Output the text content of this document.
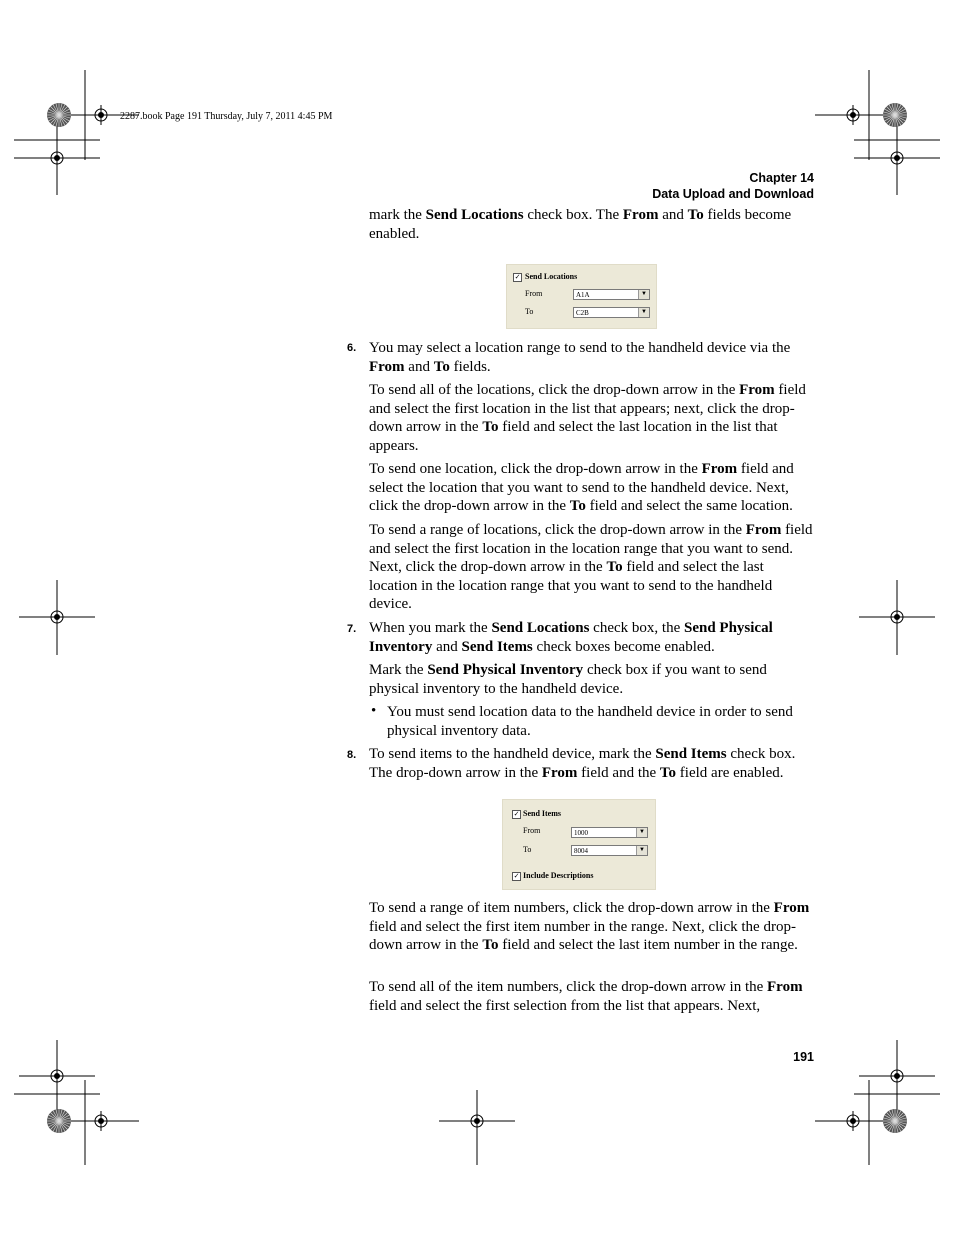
2287.book Page 191 Thursday, July 7, 2011 4:45 PM
Chapter 14
Data Upload and Download
mark the Send Locations check box. The From and To fields become enabled.
✓ Send Locations
From	A1A	▼
To	C2B	▼
6. You may select a location range to send to the handheld device via the From and To fields.
To send all of the locations, click the drop-down arrow in the From field and select the first location in the list that appears; next, click the drop-down arrow in the To field and select the last location in the list that appears.
To send one location, click the drop-down arrow in the From field and select the location that you want to send to the handheld device. Next, click the drop-down arrow in the To field and select the same location.
To send a range of locations, click the drop-down arrow in the From field and select the first location in the location range that you want to send. Next, click the drop-down arrow in the To field and select the last location in the location range that you want to send to the handheld device.
7. When you mark the Send Locations check box, the Send Physical Inventory and Send Items check boxes become enabled.
Mark the Send Physical Inventory check box if you want to send physical inventory to the handheld device.
• You must send location data to the handheld device in order to send physical inventory data.
8. To send items to the handheld device, mark the Send Items check box. The drop-down arrow in the From field and the To field are enabled.
✓ Send Items
From	1000	▼
To	8004	▼
✓ Include Descriptions
To send a range of item numbers, click the drop-down arrow in the From field and select the first item number in the range. Next, click the drop-down arrow in the To field and select the last item number in the range.
To send all of the item numbers, click the drop-down arrow in the From field and select the first selection from the list that appears. Next,
191
